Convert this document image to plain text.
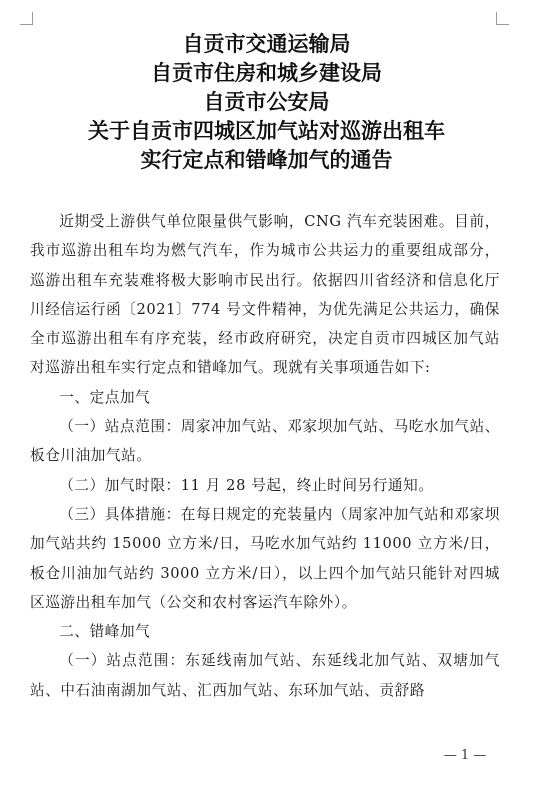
自贡市交通运输局
自贡市住房和城乡建设局
自贡市公安局
关于自贡市四城区加气站对巡游出租车
实行定点和错峰加气的通告

近期受上游供气单位限量供气影响，CNG 汽车充装困难。目前，我市巡游出租车均为燃气汽车，作为城市公共运力的重要组成部分，巡游出租车充装难将极大影响市民出行。依据四川省经济和信息化厅川经信运行函〔2021〕774 号文件精神，为优先满足公共运力，确保全市巡游出租车有序充装，经市政府研究，决定自贡市四城区加气站对巡游出租车实行定点和错峰加气。现就有关事项通告如下:

一、定点加气

（一）站点范围：周家冲加气站、邓家坝加气站、马吃水加气站、板仓川油加气站。

（二）加气时限：11 月 28 号起，终止时间另行通知。

（三）具体措施：在每日规定的充装量内（周家冲加气站和邓家坝加气站共约 15000 立方米/日，马吃水加气站约 11000 立方米/日，板仓川油加气站约 3000 立方米/日），以上四个加气站只能针对四城区巡游出租车加气（公交和农村客运汽车除外）。

二、错峰加气

（一）站点范围：东延线南加气站、东延线北加气站、双塘加气站、中石油南湖加气站、汇西加气站、东环加气站、贡舒路

— 1 —
